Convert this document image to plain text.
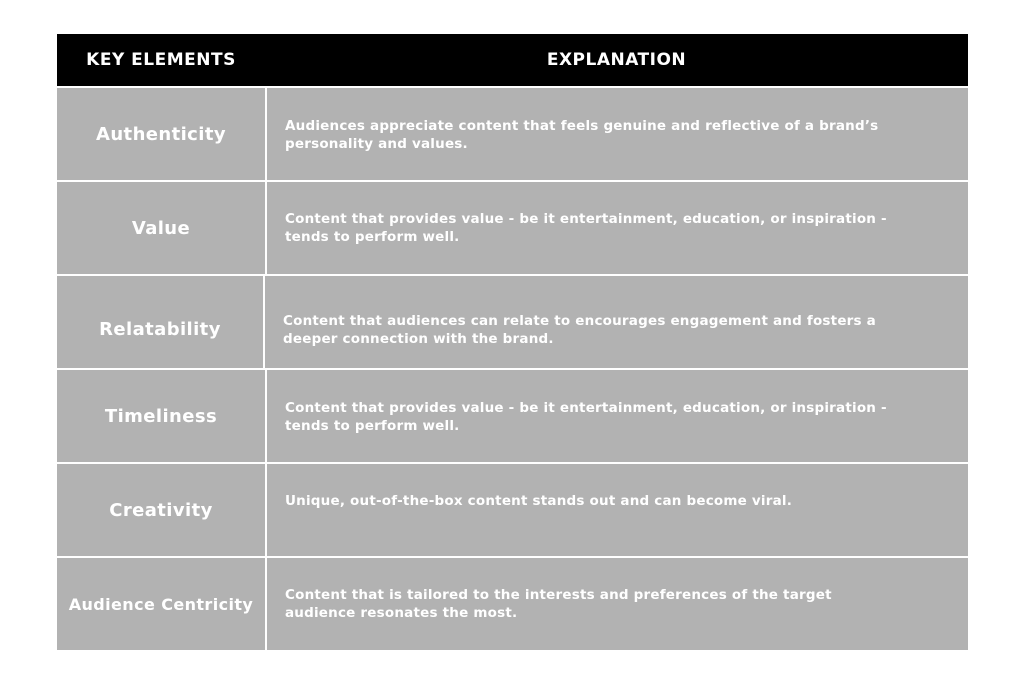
KEY ELEMENTS	EXPLANATION
Authenticity	Audiences appreciate content that feels genuine and reflective of a brand’s personality and values.
Value	Content that provides value - be it entertainment, education, or inspiration - tends to perform well.
Relatability	Content that audiences can relate to encourages engagement and fosters a deeper connection with the brand.
Timeliness	Content that provides value - be it entertainment, education, or inspiration - tends to perform well.
Creativity	Unique, out-of-the-box content stands out and can become viral.
Audience Centricity	Content that is tailored to the interests and preferences of the target audience resonates the most.
